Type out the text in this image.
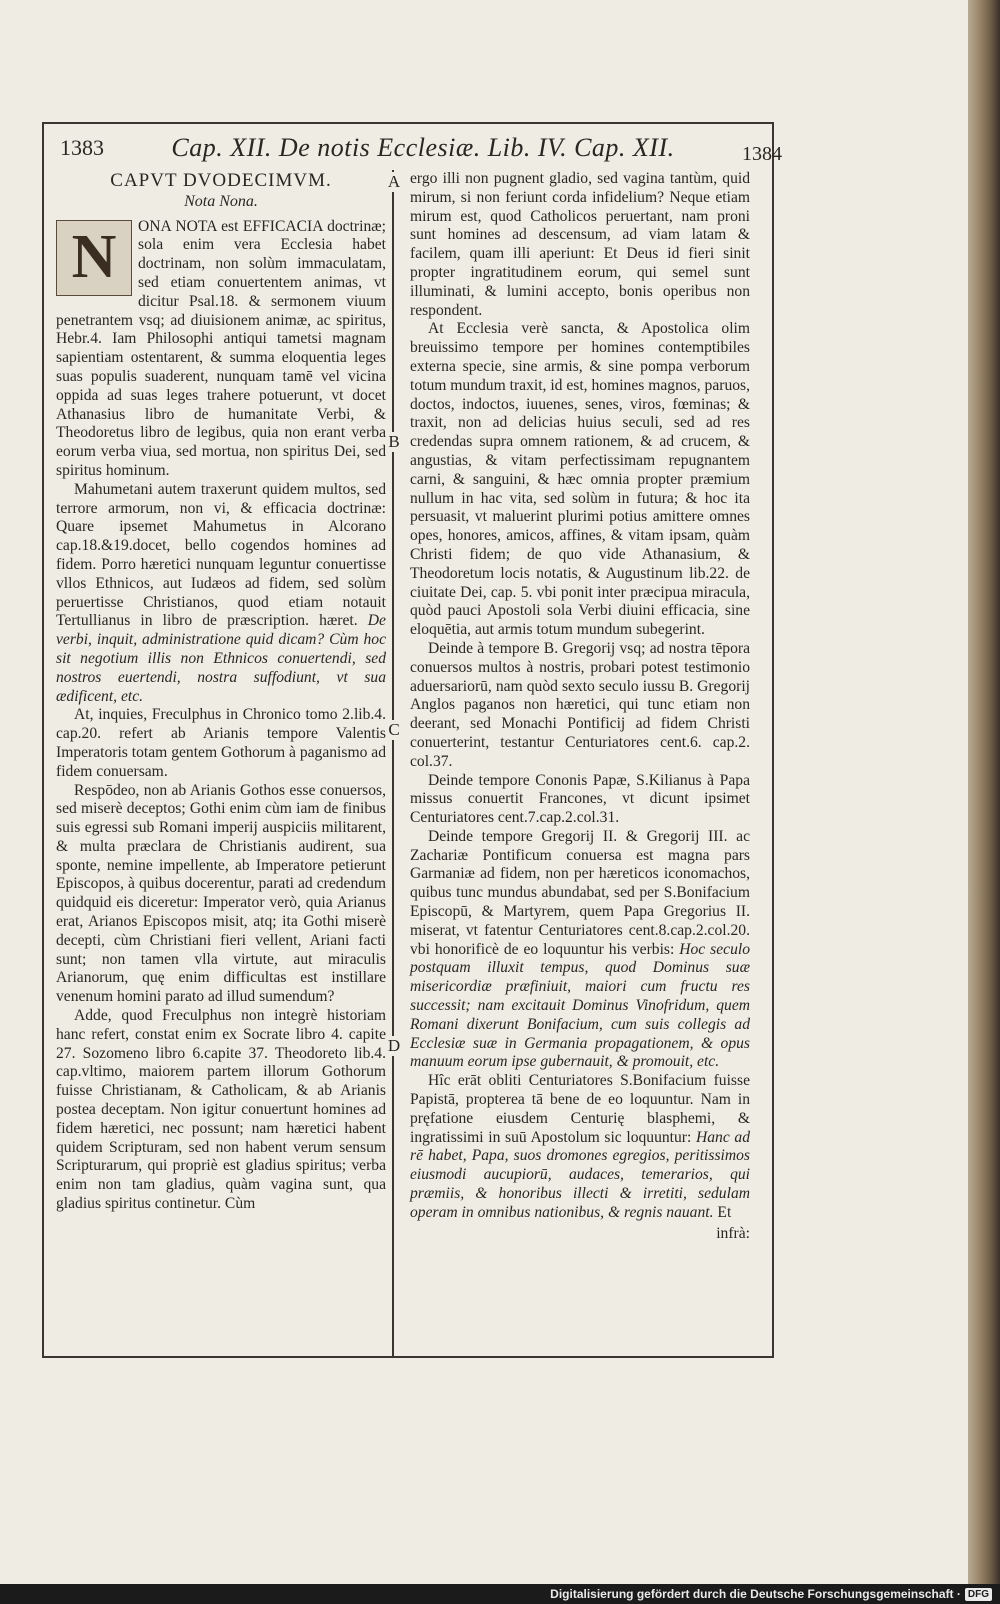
1383	Cap. XII. De notis Ecclesiæ. Lib. IV. Cap. XII.	1384
A
B
C
D
CAPVT DVODECIMVM.
Nota Nona.
N	ONA NOTA est EFFICACIA doctrinæ; sola enim vera Ecclesia habet doctrinam, non solùm immaculatam, sed etiam conuertentem animas, vt dicitur Psal.18. & sermonem viuum penetrantem vsq; ad diuisionem animæ, ac spiritus, Hebr.4. Iam Philosophi antiqui tametsi magnam sapientiam ostentarent, & summa eloquentia leges suas populis suaderent, nunquam tamē vel vicina oppida ad suas leges trahere potuerunt, vt docet Athanasius libro de humanitate Verbi, & Theodoretus libro de legibus, quia non erant verba eorum verba viua, sed mortua, non spiritus Dei, sed spiritus hominum.

Mahumetani autem traxerunt quidem multos, sed terrore armorum, non vi, & efficacia doctrinæ: Quare ipsemet Mahumetus in Alcorano cap.18.&19.docet, bello cogendos homines ad fidem. Porro hæretici nunquam leguntur conuertisse vllos Ethnicos, aut Iudæos ad fidem, sed solùm peruertisse Christianos, quod etiam notauit Tertullianus in libro de præscription. hæret. De verbi, inquit, administratione quid dicam? Cùm hoc sit negotium illis non Ethnicos conuertendi, sed nostros euertendi, nostra suffodiunt, vt sua ædificent, etc.

At, inquies, Freculphus in Chronico tomo 2.lib.4. cap.20. refert ab Arianis tempore Valentis Imperatoris totam gentem Gothorum à paganismo ad fidem conuersam.

Respōdeo, non ab Arianis Gothos esse conuersos, sed miserè deceptos; Gothi enim cùm iam de finibus suis egressi sub Romani imperij auspiciis militarent, & multa præclara de Christianis audirent, sua sponte, nemine impellente, ab Imperatore petierunt Episcopos, à quibus docerentur, parati ad credendum quidquid eis diceretur: Imperator verò, quia Arianus erat, Arianos Episcopos misit, atq; ita Gothi miserè decepti, cùm Christiani fieri vellent, Ariani facti sunt; non tamen vlla virtute, aut miraculis Arianorum, quę enim difficultas est instillare venenum homini parato ad illud sumendum?

Adde, quod Freculphus non integrè historiam hanc refert, constat enim ex Socrate libro 4. capite 27. Sozomeno libro 6.capite 37. Theodoreto lib.4. cap.vltimo, maiorem partem illorum Gothorum fuisse Christianam, & Catholicam, & ab Arianis postea deceptam. Non igitur conuertunt homines ad fidem hæretici, nec possunt; nam hæretici habent quidem Scripturam, sed non habent verum sensum Scripturarum, qui propriè est gladius spiritus; verba enim non tam gladius, quàm vagina sunt, qua gladius spiritus continetur. Cùm

ergo illi non pugnent gladio, sed vagina tantùm, quid mirum, si non feriunt corda infidelium? Neque etiam mirum est, quod Catholicos peruertant, nam proni sunt homines ad descensum, ad viam latam & facilem, quam illi aperiunt: Et Deus id fieri sinit propter ingratitudinem eorum, qui semel sunt illuminati, & lumini accepto, bonis operibus non respondent.

At Ecclesia verè sancta, & Apostolica olim breuissimo tempore per homines contemptibiles externa specie, sine armis, & sine pompa verborum totum mundum traxit, id est, homines magnos, paruos, doctos, indoctos, iuuenes, senes, viros, fœminas; & traxit, non ad delicias huius seculi, sed ad res credendas supra omnem rationem, & ad crucem, & angustias, & vitam perfectissimam repugnantem carni, & sanguini, & hæc omnia propter præmium nullum in hac vita, sed solùm in futura; & hoc ita persuasit, vt maluerint plurimi potius amittere omnes opes, honores, amicos, affines, & vitam ipsam, quàm Christi fidem; de quo vide Athanasium, & Theodoretum locis notatis, & Augustinum lib.22. de ciuitate Dei, cap. 5. vbi ponit inter præcipua miracula, quòd pauci Apostoli sola Verbi diuini efficacia, sine eloquētia, aut armis totum mundum subegerint.

Deinde à tempore B. Gregorij vsq; ad nostra tēpora conuersos multos à nostris, probari potest testimonio aduersariorū, nam quòd sexto seculo iussu B. Gregorij Anglos paganos non hæretici, qui tunc etiam non deerant, sed Monachi Pontificij ad fidem Christi conuerterint, testantur Centuriatores cent.6. cap.2. col.37.

Deinde tempore Cononis Papæ, S.Kilianus à Papa missus conuertit Francones, vt dicunt ipsimet Centuriatores cent.7.cap.2.col.31.

Deinde tempore Gregorij II. & Gregorij III. ac Zachariæ Pontificum conuersa est magna pars Garmaniæ ad fidem, non per hæreticos iconomachos, quibus tunc mundus abundabat, sed per S.Bonifacium Episcopū, & Martyrem, quem Papa Gregorius II. miserat, vt fatentur Centuriatores cent.8.cap.2.col.20. vbi honorificè de eo loquuntur his verbis: Hoc seculo postquam illuxit tempus, quod Dominus suæ misericordiæ præfiniuit, maiori cum fructu res successit; nam excitauit Dominus Vinofridum, quem Romani dixerunt Bonifacium, cum suis collegis ad Ecclesiæ suæ in Germania propagationem, & opus manuum eorum ipse gubernauit, & promouit, etc.

Hîc erāt obliti Centuriatores S.Bonifacium fuisse Papistā, propterea tā bene de eo loquuntur. Nam in pręfatione eiusdem Centurię blasphemi, & ingratissimi in suū Apostolum sic loquuntur: Hanc ad rē habet, Papa, suos dromones egregios, peritissimos eiusmodi aucupiorū, audaces, temerarios, qui præmiis, & honoribus illecti & irretiti, sedulam operam in omnibus nationibus, & regnis nauant. Et

infrà:
Digitalisierung gefördert durch die Deutsche Forschungsgemeinschaft · DFG
